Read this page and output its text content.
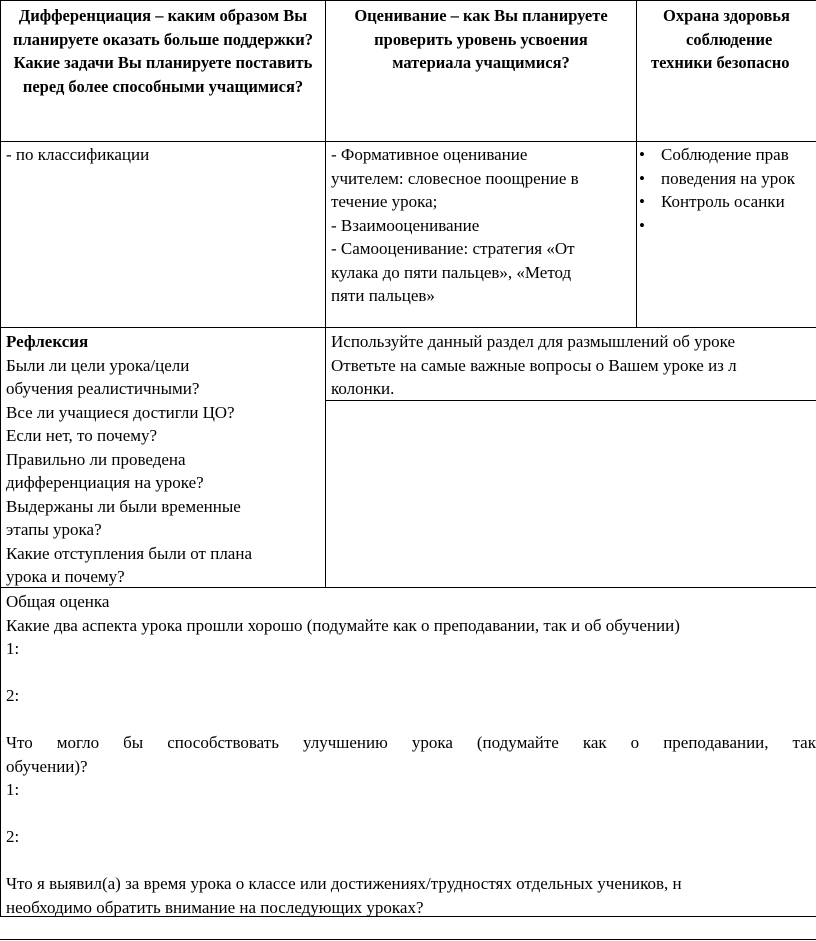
Дифференциация – каким образом Вы планируете оказать больше поддержки? Какие задачи Вы планируете поставить перед более способными учащимися?
Оценивание – как Вы планируете проверить уровень усвоения материала учащимися?
Охрана здоровья
соблюдение
техники безопасно
- по классификации	- Формативное оценивание
учителем: словесное поощрение в
течение урока;
- Взаимооценивание
- Самооценивание: стратегия «От
кулака до пяти пальцев», «Метод
пяти пальцев»
• Соблюдение прав
• поведения на урок
• Контроль осанки
•
Рефлексия
Были ли цели урока/цели
обучения реалистичными?
Все ли учащиеся достигли ЦО?
Если нет, то почему?
Правильно ли проведена
дифференциация на уроке?
Выдержаны ли были временные
этапы урока?
Какие отступления были от плана
урока и почему?
Используйте данный раздел для размышлений об уроке
Ответьте на самые важные вопросы о Вашем уроке из л
колонки.
Общая оценка
Какие два аспекта урока прошли хорошо (подумайте как о преподавании, так и об обучении)
1:
2:
Что могло бы способствовать улучшению урока (подумайте как о преподавании, так
обучении)?
1:
2:
Что я выявил(а) за время урока о классе или достижениях/трудностях отдельных учеников, н
необходимо обратить внимание на последующих уроках?
